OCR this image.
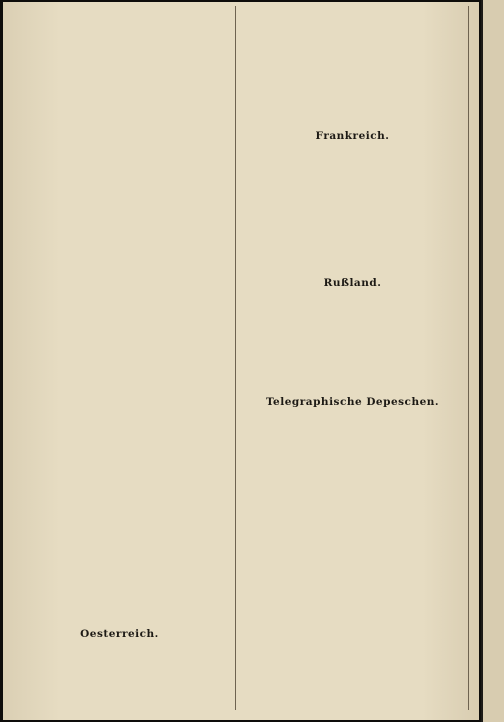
Oesterreich.

Frankreich.

Rußland.

Telegraphische Depeschen.
